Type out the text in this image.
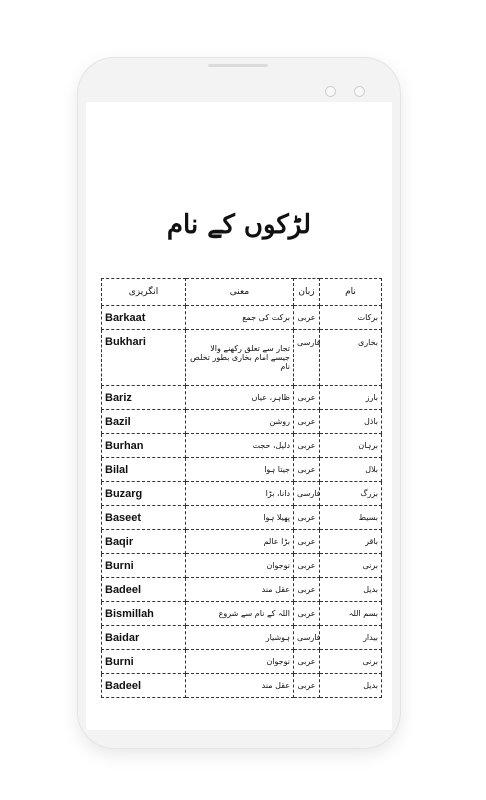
لڑکوں کے نام
انگریزی	معنی	زبان	نام
Barkaat	برکت کی جمع	عربی	برکات
Bukhari	تجار سے تعلق رکھنے والا جیسے امام بخاری بطور تخلص نام	فارسی	بخاری
Bariz	ظاہر، عیاں	عربی	بارز
Bazil	روشن	عربی	باذل
Burhan	دلیل، حجت	عربی	برہان
Bilal	جیتا ہوا	عربی	بلال
Buzarg	دانا، بڑا	فارسی	بزرگ
Baseet	پھیلا ہوا	عربی	بسیط
Baqir	بڑا عالم	عربی	باقر
Burni	نوجوان	عربی	برنی
Badeel	عقل مند	عربی	بدیل
Bismillah	اللہ کے نام سے شروع	عربی	بسم اللہ
Baidar	ہوشیار	فارسی	بیدار
Burni	نوجوان	عربی	برنی
Badeel	عقل مند	عربی	بدیل
